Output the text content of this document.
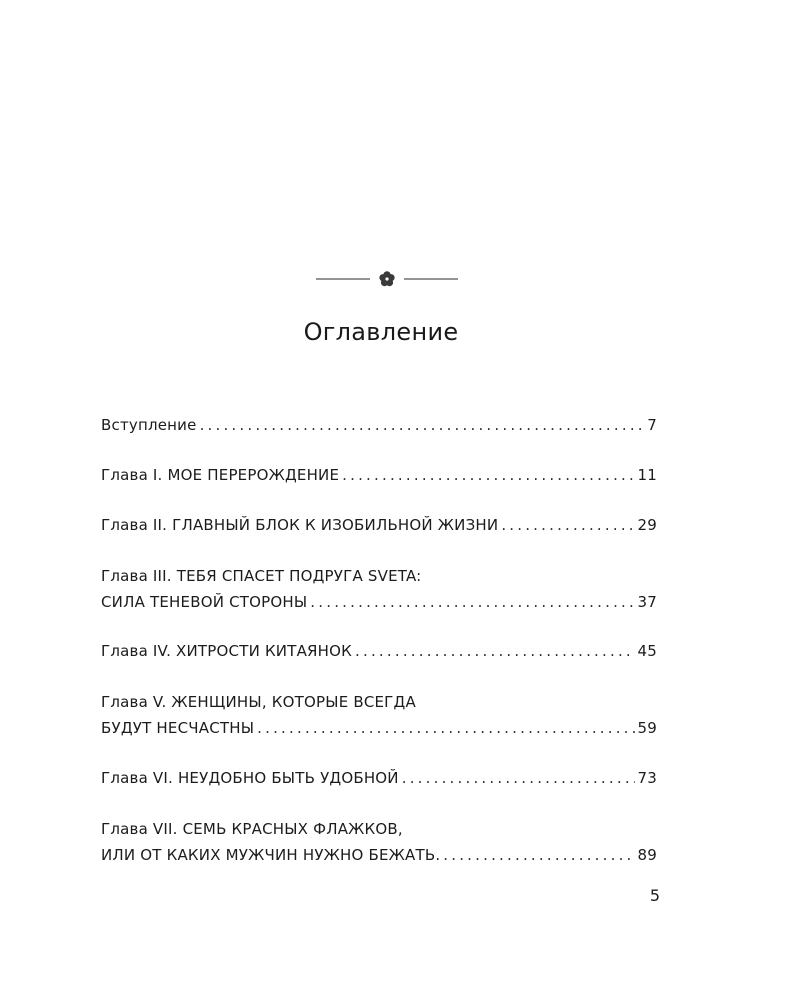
Оглавление
Вступление .....	7
Глава I. МОЕ ПЕРЕРОЖДЕНИЕ .....	11
Глава II. ГЛАВНЫЙ БЛОК К ИЗОБИЛЬНОЙ ЖИЗНИ .....	29
Глава III. ТЕБЯ СПАСЕТ ПОДРУГА SVETA:
СИЛА ТЕНЕВОЙ СТОРОНЫ .....	37
Глава IV. ХИТРОСТИ КИТАЯНОК .....	45
Глава V. ЖЕНЩИНЫ, КОТОРЫЕ ВСЕГДА
БУДУТ НЕСЧАСТНЫ .....	59
Глава VI. НЕУДОБНО БЫТЬ УДОБНОЙ .....	73
Глава VII. СЕМЬ КРАСНЫХ ФЛАЖКОВ,
ИЛИ ОТ КАКИХ МУЖЧИН НУЖНО БЕЖАТЬ. .....	89
5
